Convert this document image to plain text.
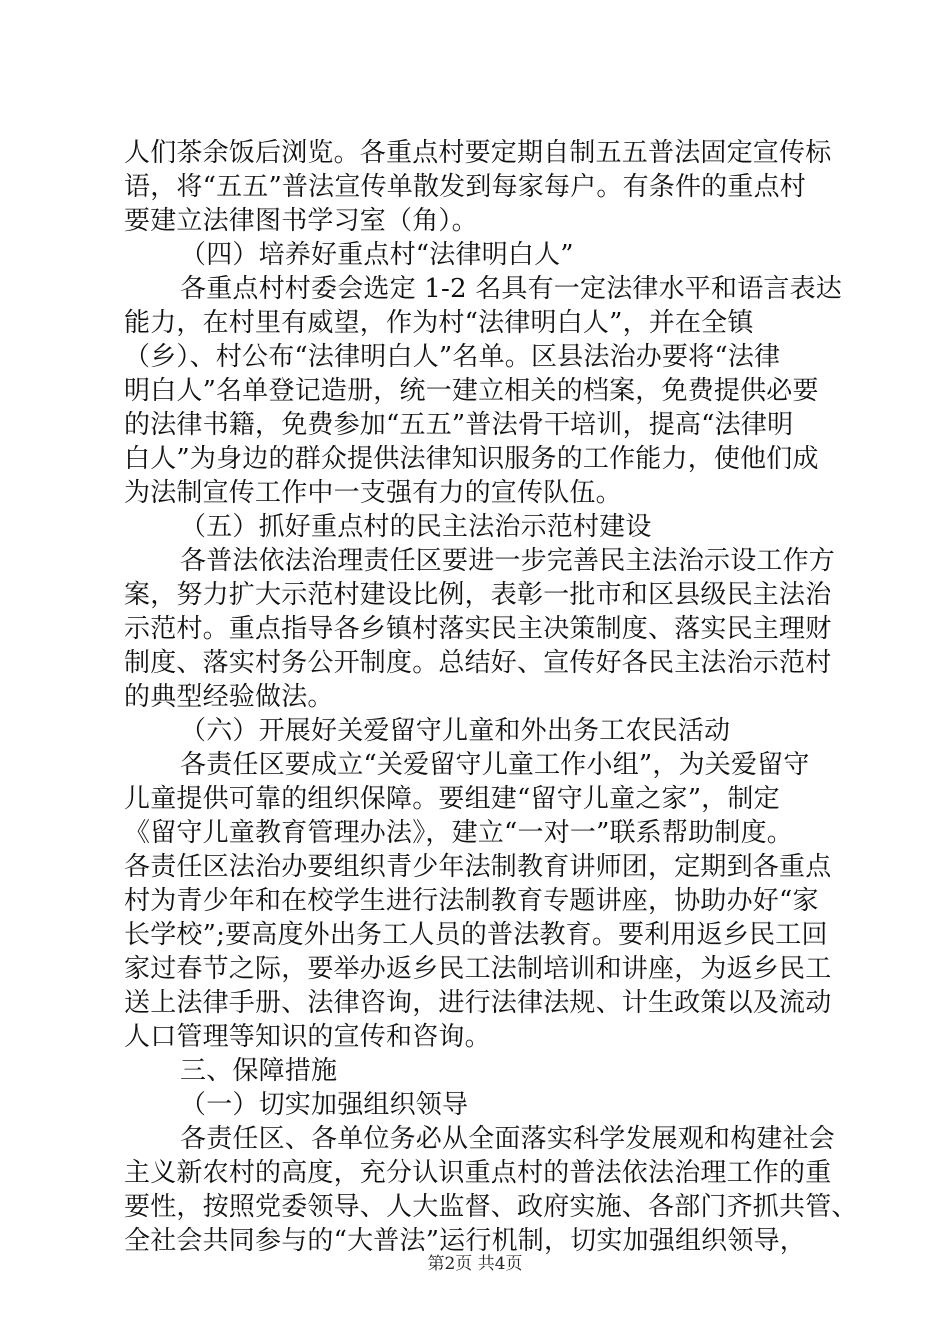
人们茶余饭后浏览。各重点村要定期自制五五普法固定宣传标
语，将“五五”普法宣传单散发到每家每户。有条件的重点村
要建立法律图书学习室（角）。
（四）培养好重点村“法律明白人”
各重点村村委会选定 1-2 名具有一定法律水平和语言表达
能力，在村里有威望，作为村“法律明白人”，并在全镇
（乡）、村公布“法律明白人”名单。区县法治办要将“法律
明白人”名单登记造册，统一建立相关的档案，免费提供必要
的法律书籍，免费参加“五五”普法骨干培训，提高“法律明
白人”为身边的群众提供法律知识服务的工作能力，使他们成
为法制宣传工作中一支强有力的宣传队伍。
（五）抓好重点村的民主法治示范村建设
各普法依法治理责任区要进一步完善民主法治示设工作方
案，努力扩大示范村建设比例，表彰一批市和区县级民主法治
示范村。重点指导各乡镇村落实民主决策制度、落实民主理财
制度、落实村务公开制度。总结好、宣传好各民主法治示范村
的典型经验做法。
（六）开展好关爱留守儿童和外出务工农民活动
各责任区要成立“关爱留守儿童工作小组”，为关爱留守
儿童提供可靠的组织保障。要组建“留守儿童之家”，制定
《留守儿童教育管理办法》，建立“一对一”联系帮助制度。
各责任区法治办要组织青少年法制教育讲师团，定期到各重点
村为青少年和在校学生进行法制教育专题讲座，协助办好“家
长学校”;要高度外出务工人员的普法教育。要利用返乡民工回
家过春节之际，要举办返乡民工法制培训和讲座，为返乡民工
送上法律手册、法律咨询，进行法律法规、计生政策以及流动
人口管理等知识的宣传和咨询。
三、保障措施
（一）切实加强组织领导
各责任区、各单位务必从全面落实科学发展观和构建社会
主义新农村的高度，充分认识重点村的普法依法治理工作的重
第2页 共4页
要性，按照党委领导、人大监督、政府实施、各部门齐抓共管、
全社会共同参与的“大普法”运行机制，切实加强组织领导，
